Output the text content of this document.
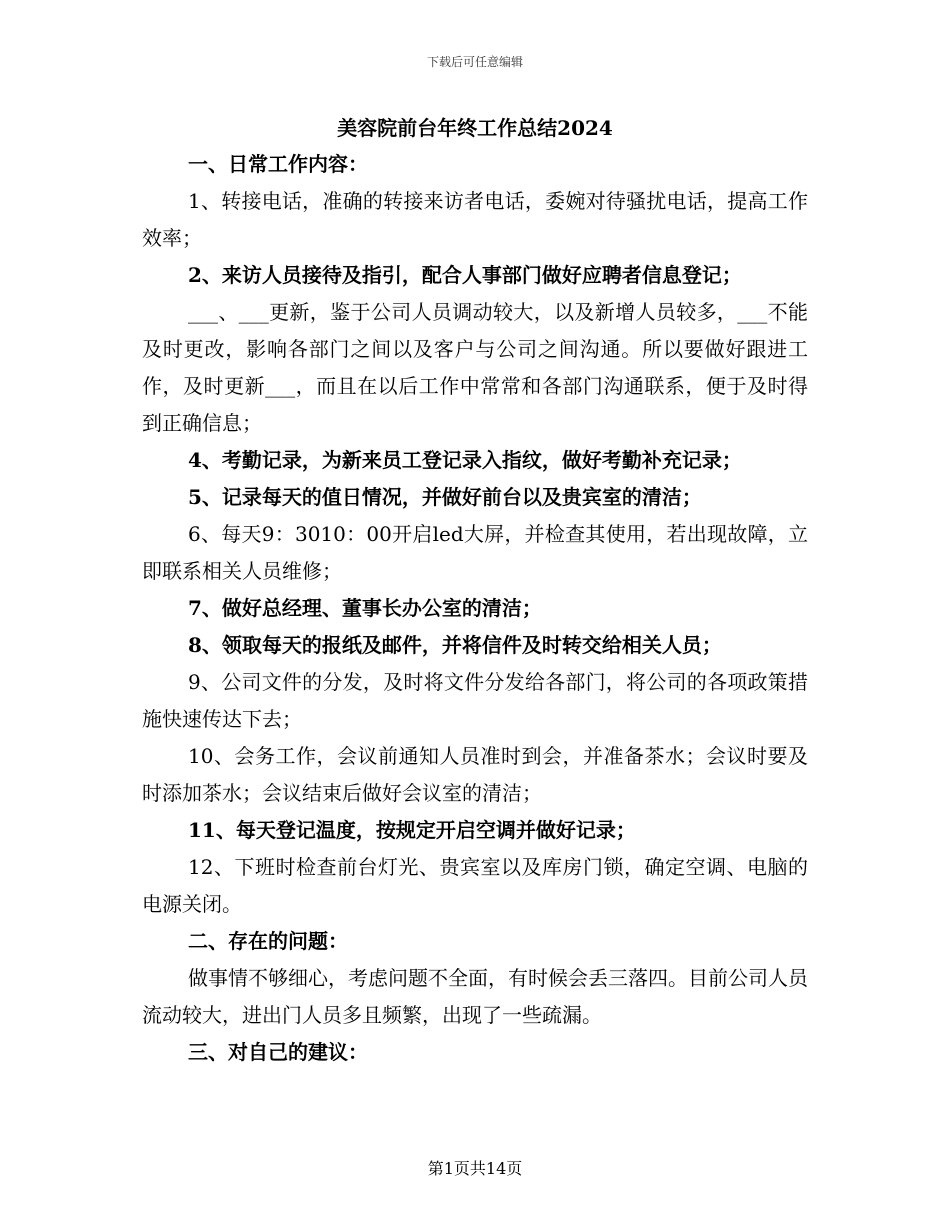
下载后可任意编辑
美容院前台年终工作总结2024

一、日常工作内容：

1、转接电话，准确的转接来访者电话，委婉对待骚扰电话，提高工作效率；

2、来访人员接待及指引，配合人事部门做好应聘者信息登记；

___、___更新，鉴于公司人员调动较大，以及新增人员较多，___不能及时更改，影响各部门之间以及客户与公司之间沟通。所以要做好跟进工作，及时更新___，而且在以后工作中常常和各部门沟通联系，便于及时得到正确信息；

4、考勤记录，为新来员工登记录入指纹，做好考勤补充记录；

5、记录每天的值日情况，并做好前台以及贵宾室的清洁；

6、每天9：3010：00开启led大屏，并检查其使用，若出现故障，立即联系相关人员维修；

7、做好总经理、董事长办公室的清洁；

8、领取每天的报纸及邮件，并将信件及时转交给相关人员；

9、公司文件的分发，及时将文件分发给各部门，将公司的各项政策措施快速传达下去；

10、会务工作，会议前通知人员准时到会，并准备茶水；会议时要及时添加茶水；会议结束后做好会议室的清洁；

11、每天登记温度，按规定开启空调并做好记录；

12、下班时检查前台灯光、贵宾室以及库房门锁，确定空调、电脑的电源关闭。

二、存在的问题：

做事情不够细心，考虑问题不全面，有时候会丢三落四。目前公司人员流动较大，进出门人员多且频繁，出现了一些疏漏。

三、对自己的建议：

第1页共14页
